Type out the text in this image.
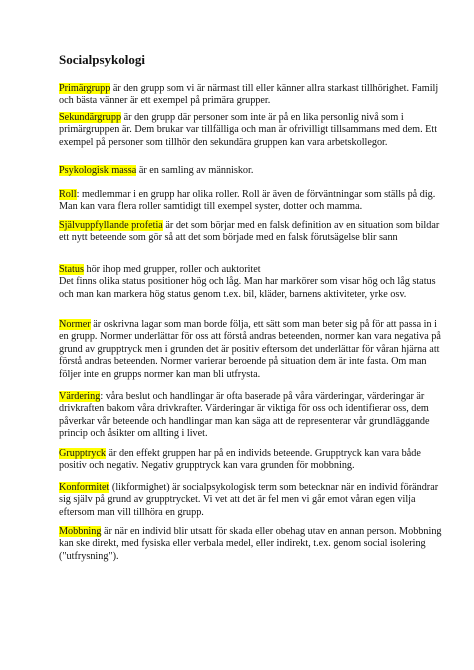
Socialpsykologi

Primärgrupp är den grupp som vi är närmast till eller känner allra starkast tillhörighet. Familj och bästa vänner är ett exempel på primära grupper.

Sekundärgrupp är den grupp där personer som inte är på en lika personlig nivå som i primärgruppen är. Dem brukar var tillfälliga och man är ofrivilligt tillsammans med dem. Ett exempel på personer som tillhör den sekundära gruppen kan vara arbetskollegor.

Psykologisk massa är en samling av människor.

Roll: medlemmar i en grupp har olika roller. Roll är även de förväntningar som ställs på dig. Man kan vara flera roller samtidigt till exempel syster, dotter och mamma.

Självuppfyllande profetia är det som börjar med en falsk definition av en situation som bildar ett nytt beteende som gör så att det som började med en falsk förutsägelse blir sann

Status hör ihop med grupper, roller och auktoritet
Det finns olika status positioner hög och låg. Man har markörer som visar hög och låg status och man kan markera hög status genom t.ex. bil, kläder, barnens aktiviteter, yrke osv.

Normer är oskrivna lagar som man borde följa, ett sätt som man beter sig på för att passa in i en grupp. Normer underlättar för oss att förstå andras beteenden, normer kan vara negativa på grund av grupptryck men i grunden det är positiv eftersom det underlättar för våran hjärna att förstå andras beteenden. Normer varierar beroende på situation dem är inte fasta. Om man följer inte en grupps normer kan man bli utfrysta.

Värdering: våra beslut och handlingar är ofta baserade på våra värderingar, värderingar är drivkraften bakom våra drivkrafter. Värderingar är viktiga för oss och identifierar oss, dem påverkar vår beteende och handlingar man kan säga att de representerar vår grundläggande princip och åsikter om allting i livet.

Grupptryck är den effekt gruppen har på en individs beteende. Grupptryck kan vara både positiv och negativ. Negativ grupptryck kan vara grunden för mobbning.

Konformitet (likformighet) är socialpsykologisk term som betecknar när en individ förändrar sig själv på grund av grupptrycket. Vi vet att det är fel men vi går emot våran egen vilja eftersom man vill tillhöra en grupp.

Mobbning är när en individ blir utsatt för skada eller obehag utav en annan person. Mobbning kan ske direkt, med fysiska eller verbala medel, eller indirekt, t.ex. genom social isolering ("utfrysning").
